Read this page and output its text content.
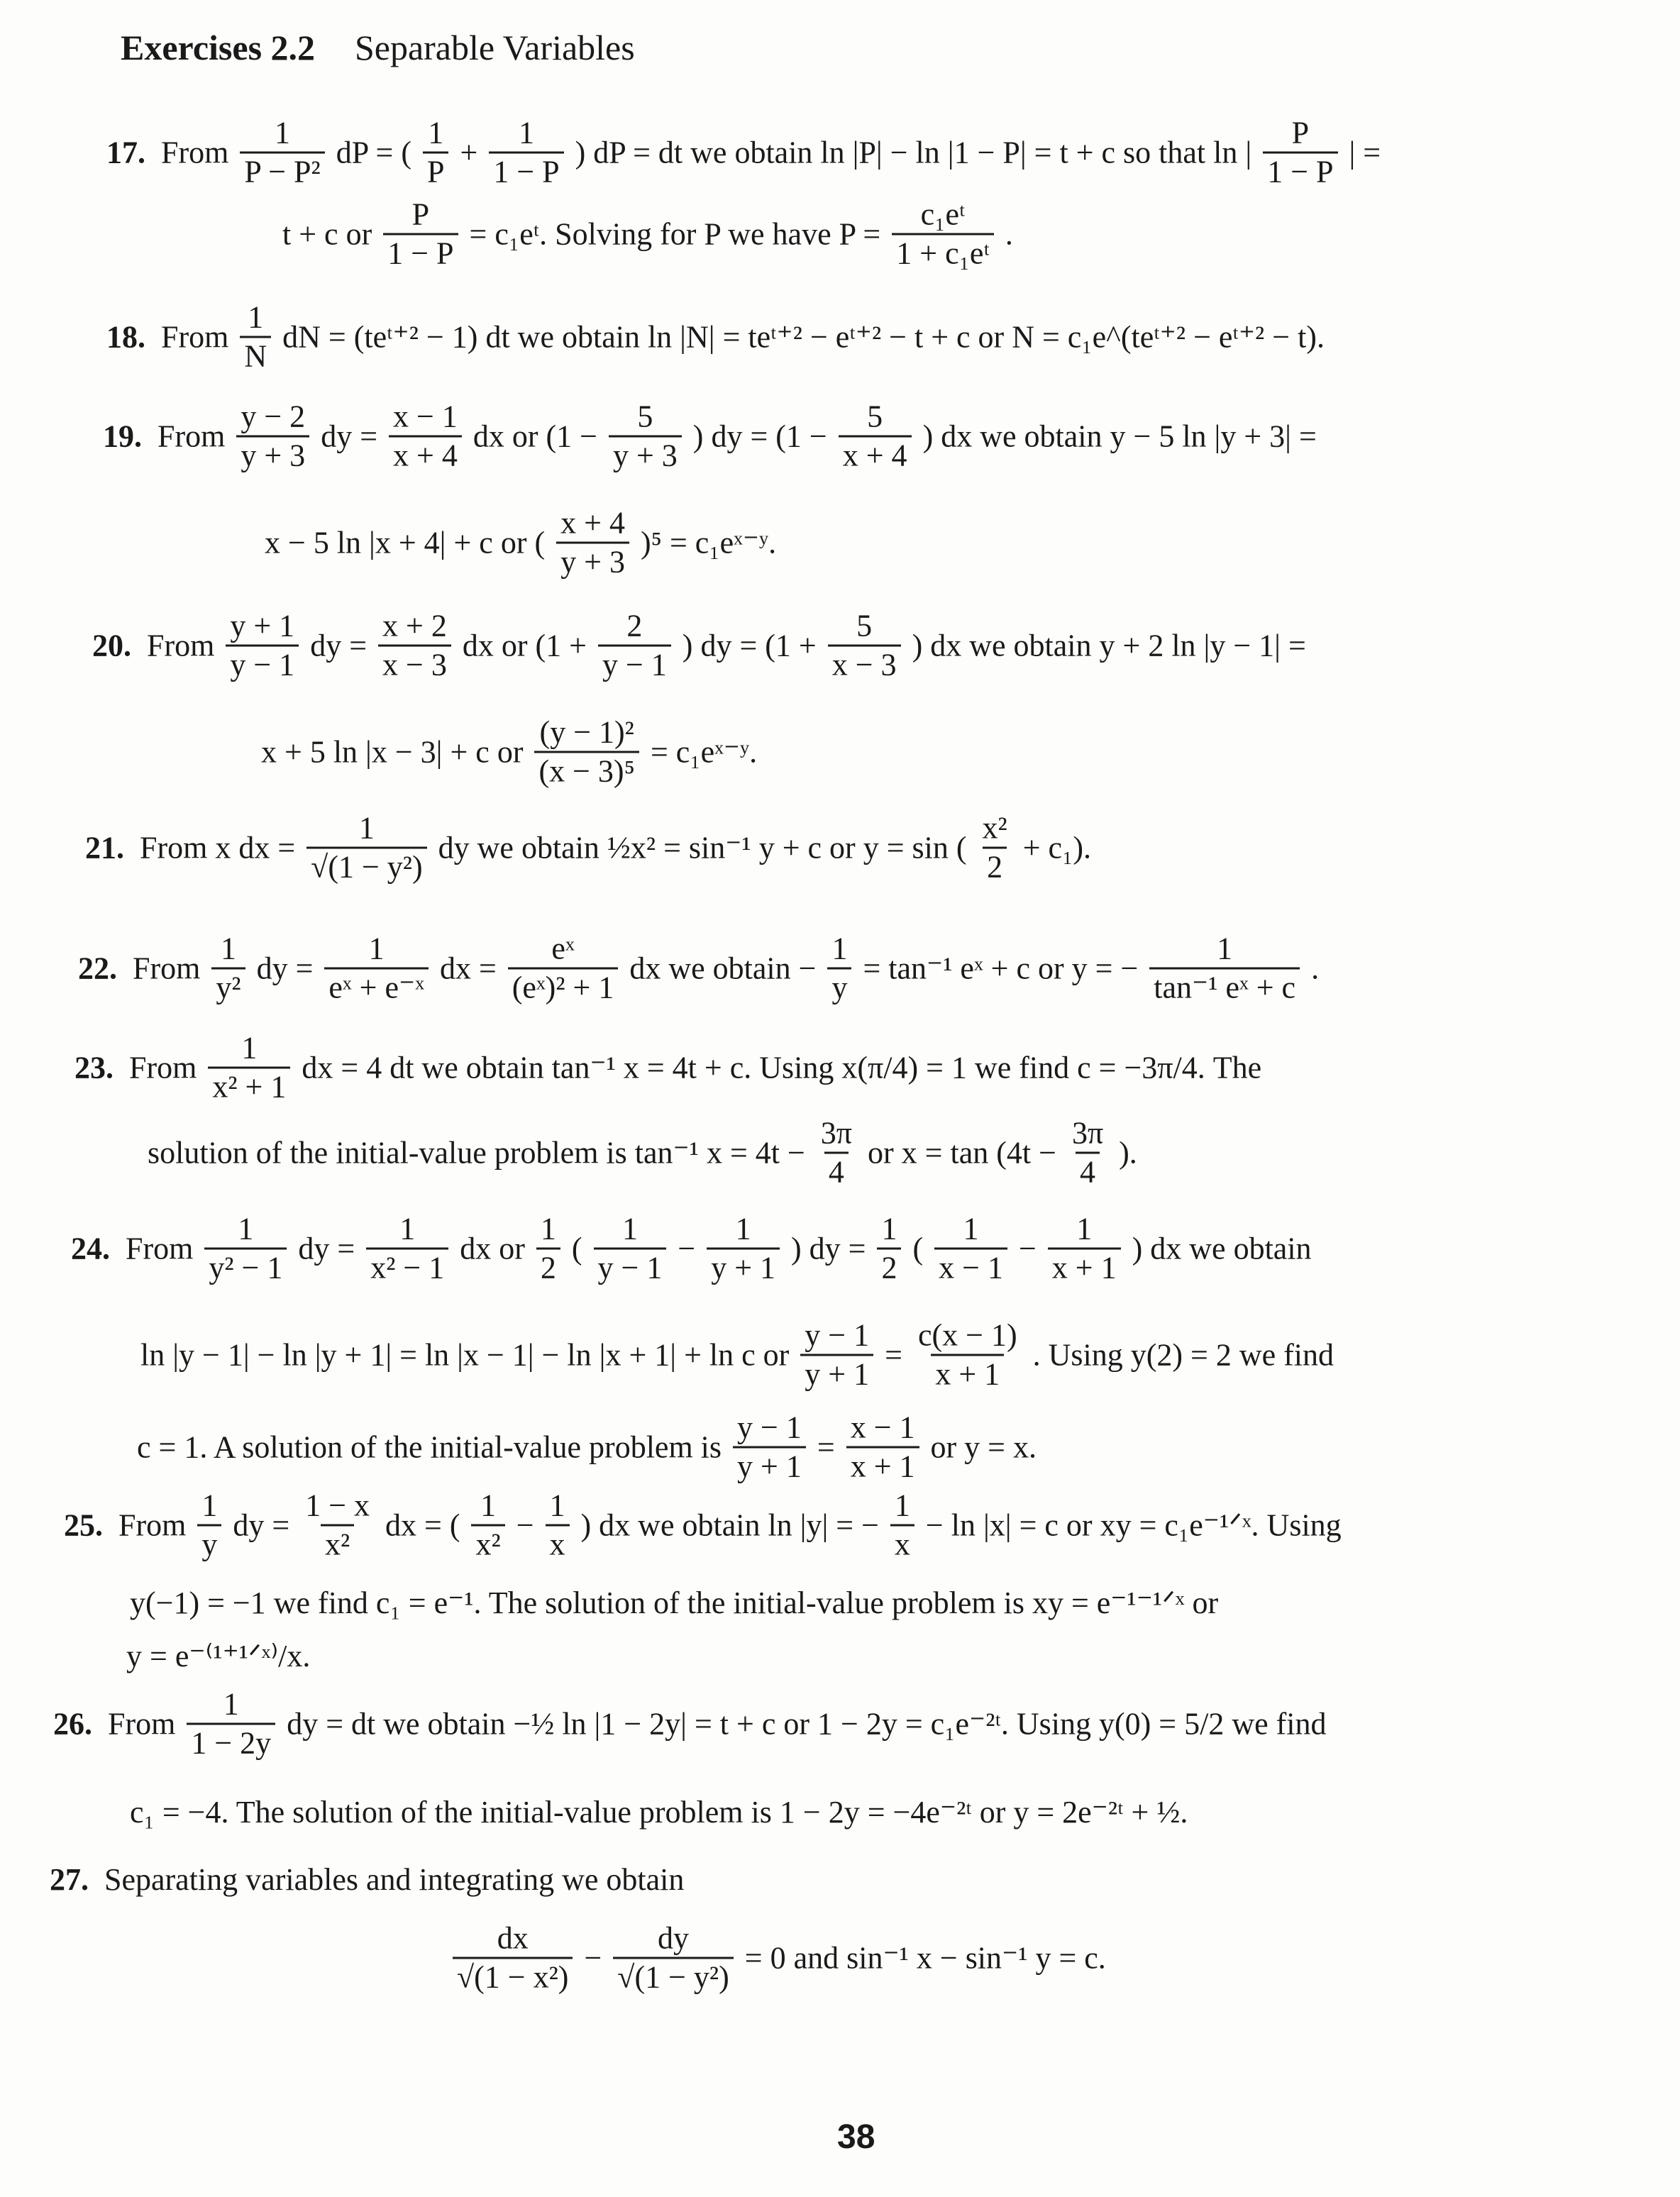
Exercises 2.2 Separable Variables
17. From $\frac{1}{\text{P − P²}}$ dP = ( $\frac{1}{P} + \frac{1}{1 - P}$ ) dP = dt we obtain ln |P| − ln |1 − P| = t + c so that ln | $\frac{P}{1 - P}$ | =
t + c or $\frac{P}{1 - P}$ = c₁eᵗ. Solving for P we have $P = \frac{\text{c₁eᵗ}}{\text{1 + c₁eᵗ}}$ .
18. From $\frac{1}{N}$ dN = (teᵗ⁺² − 1) dt we obtain ln |N| = teᵗ⁺² − eᵗ⁺² − t + c or N = c₁e^(teᵗ⁺² − eᵗ⁺² − t).
19. From $\frac{y - 2}{y + 3}$ dy = $\frac{x - 1}{x + 4}$ dx or ($1 - \frac{5}{y + 3}$ ) dy = ($1 - \frac{5}{x + 4}$ ) dx we obtain y − 5 ln |y + 3| =
x − 5 ln |x + 4| + c or ( $\frac{x + 4}{y + 3} )^5$ = c₁eˣ⁻ʸ.
20. From $\frac{y + 1}{y - 1}$ dy = $\frac{x + 2}{x - 3}$ dx or ($1 + \frac{2}{y - 1}$ ) dy = ($1 + \frac{5}{x - 3}$ ) dx we obtain y + 2 ln |y − 1| =
x + 5 ln |x − 3| + c or $\frac{\text{(y − 1)²}}{\text{(x − 3)⁵}}$ = c₁eˣ⁻ʸ.
21. From x dx = $\frac{1}{\text{√(1 − y²)}}$ dy we obtain ½x² = sin⁻¹ y + c or y = sin ( $\frac{\text{x²}}{2} + c_1$).
22. From $\frac{1}{\text{y²}}$ dy = $\frac{1}{\text{eˣ + e⁻ˣ}}$ dx = $\frac{\text{eˣ}}{\text{(eˣ)² + 1}}$ dx we obtain − $\frac{1}{y} = \tan^{-1}$ eˣ + c or y = − $\frac{1}{\text{tan⁻¹ eˣ + c}}$ .
23. From $\frac{1}{\text{x² + 1}}$ dx = 4 dt we obtain tan⁻¹ x = 4t + c. Using x(π/4) = 1 we find c = −3π/4. The
solution of the initial-value problem is tan⁻¹ $x = 4t - \frac{3\pi}{4}$ or $x = \tan (4t - \frac{3\pi}{4}$ ).
24. From $\frac{1}{\text{y² − 1}}$ dy = $\frac{1}{\text{x² − 1}}$ dx or $\frac{1}{2}$ ( $\frac{1}{y - 1} - \frac{1}{y + 1}$ ) dy = $\frac{1}{2}$ ( $\frac{1}{x - 1} - \frac{1}{x + 1}$ ) dx we obtain
ln |y − 1| − ln |y + 1| = ln |x − 1| − ln |x + 1| + ln c or $\frac{y - 1}{y + 1} = \frac{c(x - 1)}{x + 1}$ . Using y(2) = 2 we find
c = 1. A solution of the initial-value problem is $\frac{y - 1}{y + 1} = \frac{x - 1}{x + 1}$ or y = x.
25. From $\frac{1}{y}$ dy = $\frac{1 - x}{\text{x²}}$ dx = ( $\frac{1}{\text{x²}} - \frac{1}{x}$ ) dx we obtain ln |y| = − $\frac{1}{x} - \ln |x| = c$ or xy = c₁e⁻¹ᐟˣ. Using
y(−1) = −1 we find c₁ = e⁻¹. The solution of the initial-value problem is xy = e⁻¹⁻¹ᐟˣ or
y = e⁻⁽¹⁺¹ᐟˣ⁾/x.
26. From $\frac{1}{1 - 2y}$ dy = dt we obtain −½ ln |1 − 2y| = t + c or 1 − 2y = c₁e⁻²ᵗ. Using y(0) = 5/2 we find
c₁ = −4. The solution of the initial-value problem is 1 − 2y = −4e⁻²ᵗ or y = 2e⁻²ᵗ + ½.
27. Separating variables and integrating we obtain
$\frac{dx}{\text{√(1 − x²)}} - \frac{dy}{\text{√(1 − y²)}} = 0$ and sin⁻¹ x − sin⁻¹ y = c.
38
